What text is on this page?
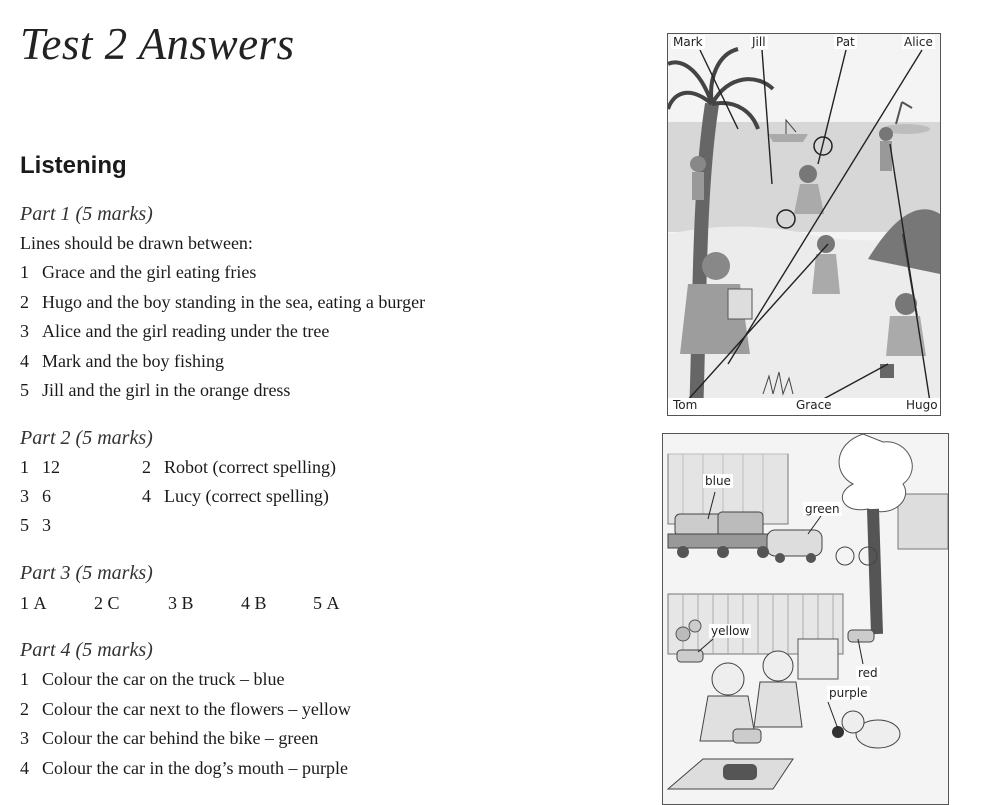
Test 2 Answers
Listening
Part 1 (5 marks)
Lines should be drawn between:
1 Grace and the girl eating fries
2 Hugo and the boy standing in the sea, eating a burger
3 Alice and the girl reading under the tree
4 Mark and the boy fishing
5 Jill and the girl in the orange dress
Part 2 (5 marks)
1 12	2 Robot (correct spelling)
3 6	4 Lucy (correct spelling)
5 3
Part 3 (5 marks)
1 A	2 C	3 B	4 B	5 A
Part 4 (5 marks)
1 Colour the car on the truck – blue
2 Colour the car next to the flowers – yellow
3 Colour the car behind the bike – green
4 Colour the car in the dog’s mouth – purple
Mark	Jill	Pat	Alice
Tom	Grace	Hugo
blue
green
yellow
red
purple
